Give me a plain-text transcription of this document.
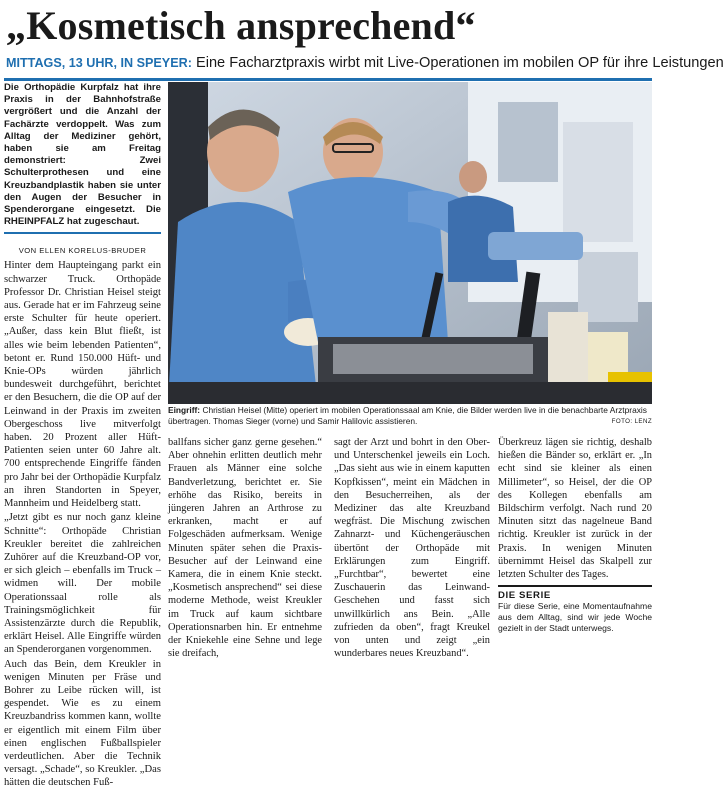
„Kosmetisch ansprechend“
MITTAGS, 13 UHR, IN SPEYER: Eine Facharztpraxis wirbt mit Live-Operationen im mobilen OP für ihre Leistungen
Die Orthopädie Kurpfalz hat ihre Praxis in der Bahnhofstraße vergrößert und die Anzahl der Fachärzte verdoppelt. Was zum Alltag der Mediziner gehört, haben sie am Freitag demonstriert: Zwei Schulterprothesen und eine Kreuzbandplastik haben sie unter den Augen der Besucher in Spenderorgane eingesetzt. Die RHEINPFALZ hat zugeschaut.
VON ELLEN KORELUS-BRUDER

Hinter dem Haupteingang parkt ein schwarzer Truck. Orthopäde Professor Dr. Christian Heisel steigt aus. Gerade hat er im Fahrzeug seine erste Schulter für heute operiert. „Außer, dass kein Blut fließt, ist alles wie beim lebenden Patienten“, betont er. Rund 150.000 Hüft- und Knie-OPs würden jährlich bundesweit durchgeführt, berichtet er den Besuchern, die die OP auf der Leinwand in der Praxis im zweiten Obergeschoss live mitverfolgt haben. 20 Prozent aller Hüft-Patienten seien unter 60 Jahre alt. 700 entsprechende Eingriffe fänden pro Jahr bei der Orthopädie Kurpfalz an ihren Standorten in Speyer, Mannheim und Heidelberg statt.

„Jetzt gibt es nur noch ganz kleine Schnitte“: Orthopäde Christian Kreukler bereitet die zahlreichen Zuhörer auf die Kreuzband-OP vor, er sich gleich – ebenfalls im Truck – widmen will. Der mobile Operationssaal rolle als Trainingsmöglichkeit für Assistenzärzte durch die Republik, erklärt Heisel. Alle Eingriffe würden an Spenderorganen vorgenommen.

Auch das Bein, dem Kreukler in wenigen Minuten per Fräse und Bohrer zu Leibe rücken will, ist gespendet. Wie es zu einem Kreuzbandriss kommen kann, wollte er eigentlich mit einem Film über einen englischen Fußballspieler verdeutlichen. Aber die Technik versagt. „Schade“, so Kreukler. „Das hätten die deutschen Fuß-

Eingriff: Christian Heisel (Mitte) operiert im mobilen Operationssaal am Knie, die Bilder werden live in die benachbarte Arztpraxis übertragen. Thomas Sieger (vorne) und Samir Halilovic assistieren.	FOTO: LENZ

ballfans sicher ganz gerne gesehen.“ Aber ohnehin erlitten deutlich mehr Frauen als Männer eine solche Bandverletzung, berichtet er. Sie erhöhe das Risiko, bereits in jüngeren Jahren an Arthrose zu erkranken, macht er auf Folgeschäden aufmerksam. Wenige Minuten später sehen die Praxis-Besucher auf der Leinwand eine Kamera, die in einem Knie steckt. „Kosmetisch ansprechend“ sei diese moderne Methode, weist Kreukler im Truck auf kaum sichtbare Operationsnarben hin. Er entnehme der Kniekehle eine Sehne und lege sie dreifach,

sagt der Arzt und bohrt in den Ober- und Unterschenkel jeweils ein Loch. „Das sieht aus wie in einem kaputten Kopfkissen“, meint ein Mädchen in den Besucherreihen, als der Mediziner das alte Kreuzband wegfräst. Die Mischung zwischen Zahnarzt- und Küchengeräuschen übertönt der Orthopäde mit Erklärungen zum Eingriff. „Furchtbar“, bewertet eine Zuschauerin das Leinwand-Geschehen und fasst sich unwillkürlich ans Bein. „Alle zufrieden da oben“, fragt Kreukel von unten und zeigt „ein wunderbares neues Kreuzband“.

Überkreuz lägen sie richtig, deshalb hießen die Bänder so, erklärt er. „In echt sind sie kleiner als einen Millimeter“, so Heisel, der die OP des Kollegen ebenfalls am Bildschirm verfolgt. Nach rund 20 Minuten sitzt das nagelneue Band richtig. Kreukler ist zurück in der Praxis. In wenigen Minuten übernimmt Heisel das Skalpell zur letzten Schulter des Tages.

DIE SERIE
Für diese Serie, eine Momentaufnahme aus dem Alltag, sind wir jede Woche gezielt in der Stadt unterwegs.
